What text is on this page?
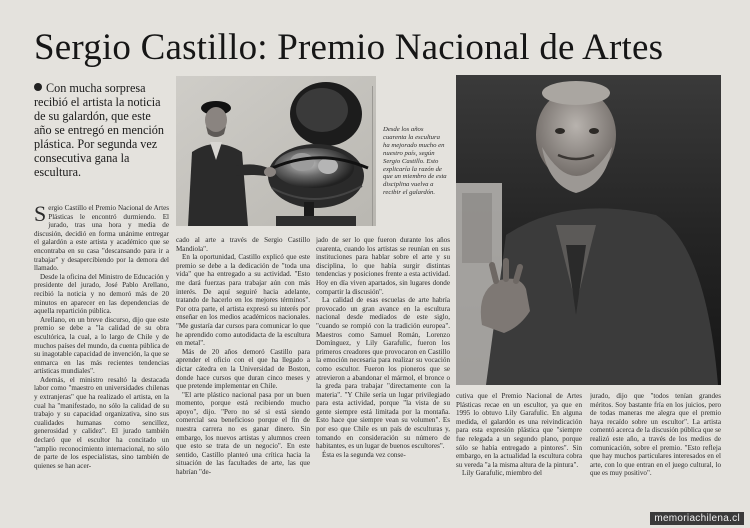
Sergio Castillo: Premio Nacional de Artes

Con mucha sorpresa recibió el artista la noticia de su galardón, que este año se entregó en mención plástica. Por segunda vez consecutiva gana la escultura.

Desde los años cuarenta la escultura ha mejorado mucho en nuestro país, según Sergio Castillo. Esto explicaría la razón de que un miembro de esta disciplina vuelva a recibir el galardón.

S ergio Castillo el Premio Nacional de Artes Plásticas le encontró durmiendo. El jurado, tras una hora y media de discusión, decidió en forma unánime entregar el galardón a este artista y académico que se encontraba en su casa "descansando para ir a trabajar" y desapercibiendo por la demora del llamado.

Desde la oficina del Ministro de Educación y presidente del jurado, José Pablo Arellano, recibió la noticia y no demoró más de 20 minutos en aparecer en las dependencias de aquella repartición pública.

Arellano, en un breve discurso, dijo que este premio se debe a "la calidad de su obra escultórica, la cual, a lo largo de Chile y de muchos países del mundo, da cuenta pública de su inagotable capacidad de invención, la que se enmarca en las más recientes tendencias artísticas mundiales".

Además, el ministro resaltó la destacada labor como "maestro en universidades chilenas y extranjeras" que ha realizado el artista, en la cual ha "manifestado, no sólo la calidad de su trabajo y su capacidad organizativa, sino sus cualidades humanas como sencillez, generosidad y calidez". El jurado también declaró que el escultor ha concitado un "amplio reconocimiento internacional, no sólo de parte de los especialistas, sino también de quienes se han acer-

cado al arte a través de Sergio Castillo Mandiola".

En la oportunidad, Castillo explicó que este premio se debe a la dedicación de "toda una vida" que ha entregado a su actividad. "Esto me dará fuerzas para trabajar aún con más interés. De aquí seguiré hacia adelante, tratando de hacerlo en los mejores términos". Por otra parte, el artista expresó su interés por enseñar en los medios académicos nacionales. "Me gustaría dar cursos para comunicar lo que he aprendido como autodidacta de la escultura en metal".

Más de 20 años demoró Castillo para aprender el oficio con el que ha llegado a dictar cátedra en la Universidad de Boston, donde hace cursos que duran cinco meses y que pretende implementar en Chile.

"El arte plástico nacional pasa por un buen momento, porque está recibiendo mucho apoyo", dijo. "Pero no sé si está siendo comercial sea beneficioso porque el fin de nuestra carrera no es ganar dinero. Sin embargo, los nuevos artistas y alumnos creen que esto se trata de un negocio". En este sentido, Castillo planteó una crítica hacia la situación de las facultades de arte, las que habrían "de-

jado de ser lo que fueron durante los años cuarenta, cuando los artistas se reunían en sus instituciones para hablar sobre el arte y su disciplina, lo que había surgir distintas tendencias y posiciones frente a esta actividad. Hoy en día viven apartados, sin lugares donde compartir la discusión".

La calidad de esas escuelas de arte habría provocado un gran avance en la escultura nacional desde mediados de este siglo, "cuando se rompió con la tradición europea". Maestros como Samuel Román, Lorenzo Domínguez, y Lily Garafulic, fueron los primeros creadores que provocaron en Castillo la emoción necesaria para realizar su vocación como escultor. Fueron los pioneros que se atrevieron a abandonar el mármol, el bronce o la greda para trabajar "directamente con la materia". "Y Chile sería un lugar privilegiado para esta actividad, porque "la vista de su gente siempre está limitada por la montaña. Esto hace que siempre vean su volumen". Es por eso que Chile es un país de esculturas y, tomando en consideración su número de habitantes, es un lugar de buenos escultores".

Ésta es la segunda vez conse-

cutiva que el Premio Nacional de Artes Plásticas recae en un escultor, ya que en 1995 lo obtuvo Lily Garafulic. En alguna medida, el galardón es una reivindicación para esta expresión plástica que "siempre fue relegada a un segundo plano, porque sólo se había entregado a pintores". Sin embargo, en la actualidad la escultura cobra su vereda "a la misma altura de la pintura".

Lily Garafulic, miembro del

jurado, dijo que "todos tenían grandes méritos. Soy bastante fría en los juicios, pero de todas maneras me alegra que el premio haya recaído sobre un escultor". La artista comentó acerca de la discusión pública que se realizó este año, a través de los medios de comunicación, sobre el premio. "Esto refleja que hay muchos particulares interesados en el arte, con lo que entran en el juego cultural, lo que es muy positivo".

memoriachilena.cl
